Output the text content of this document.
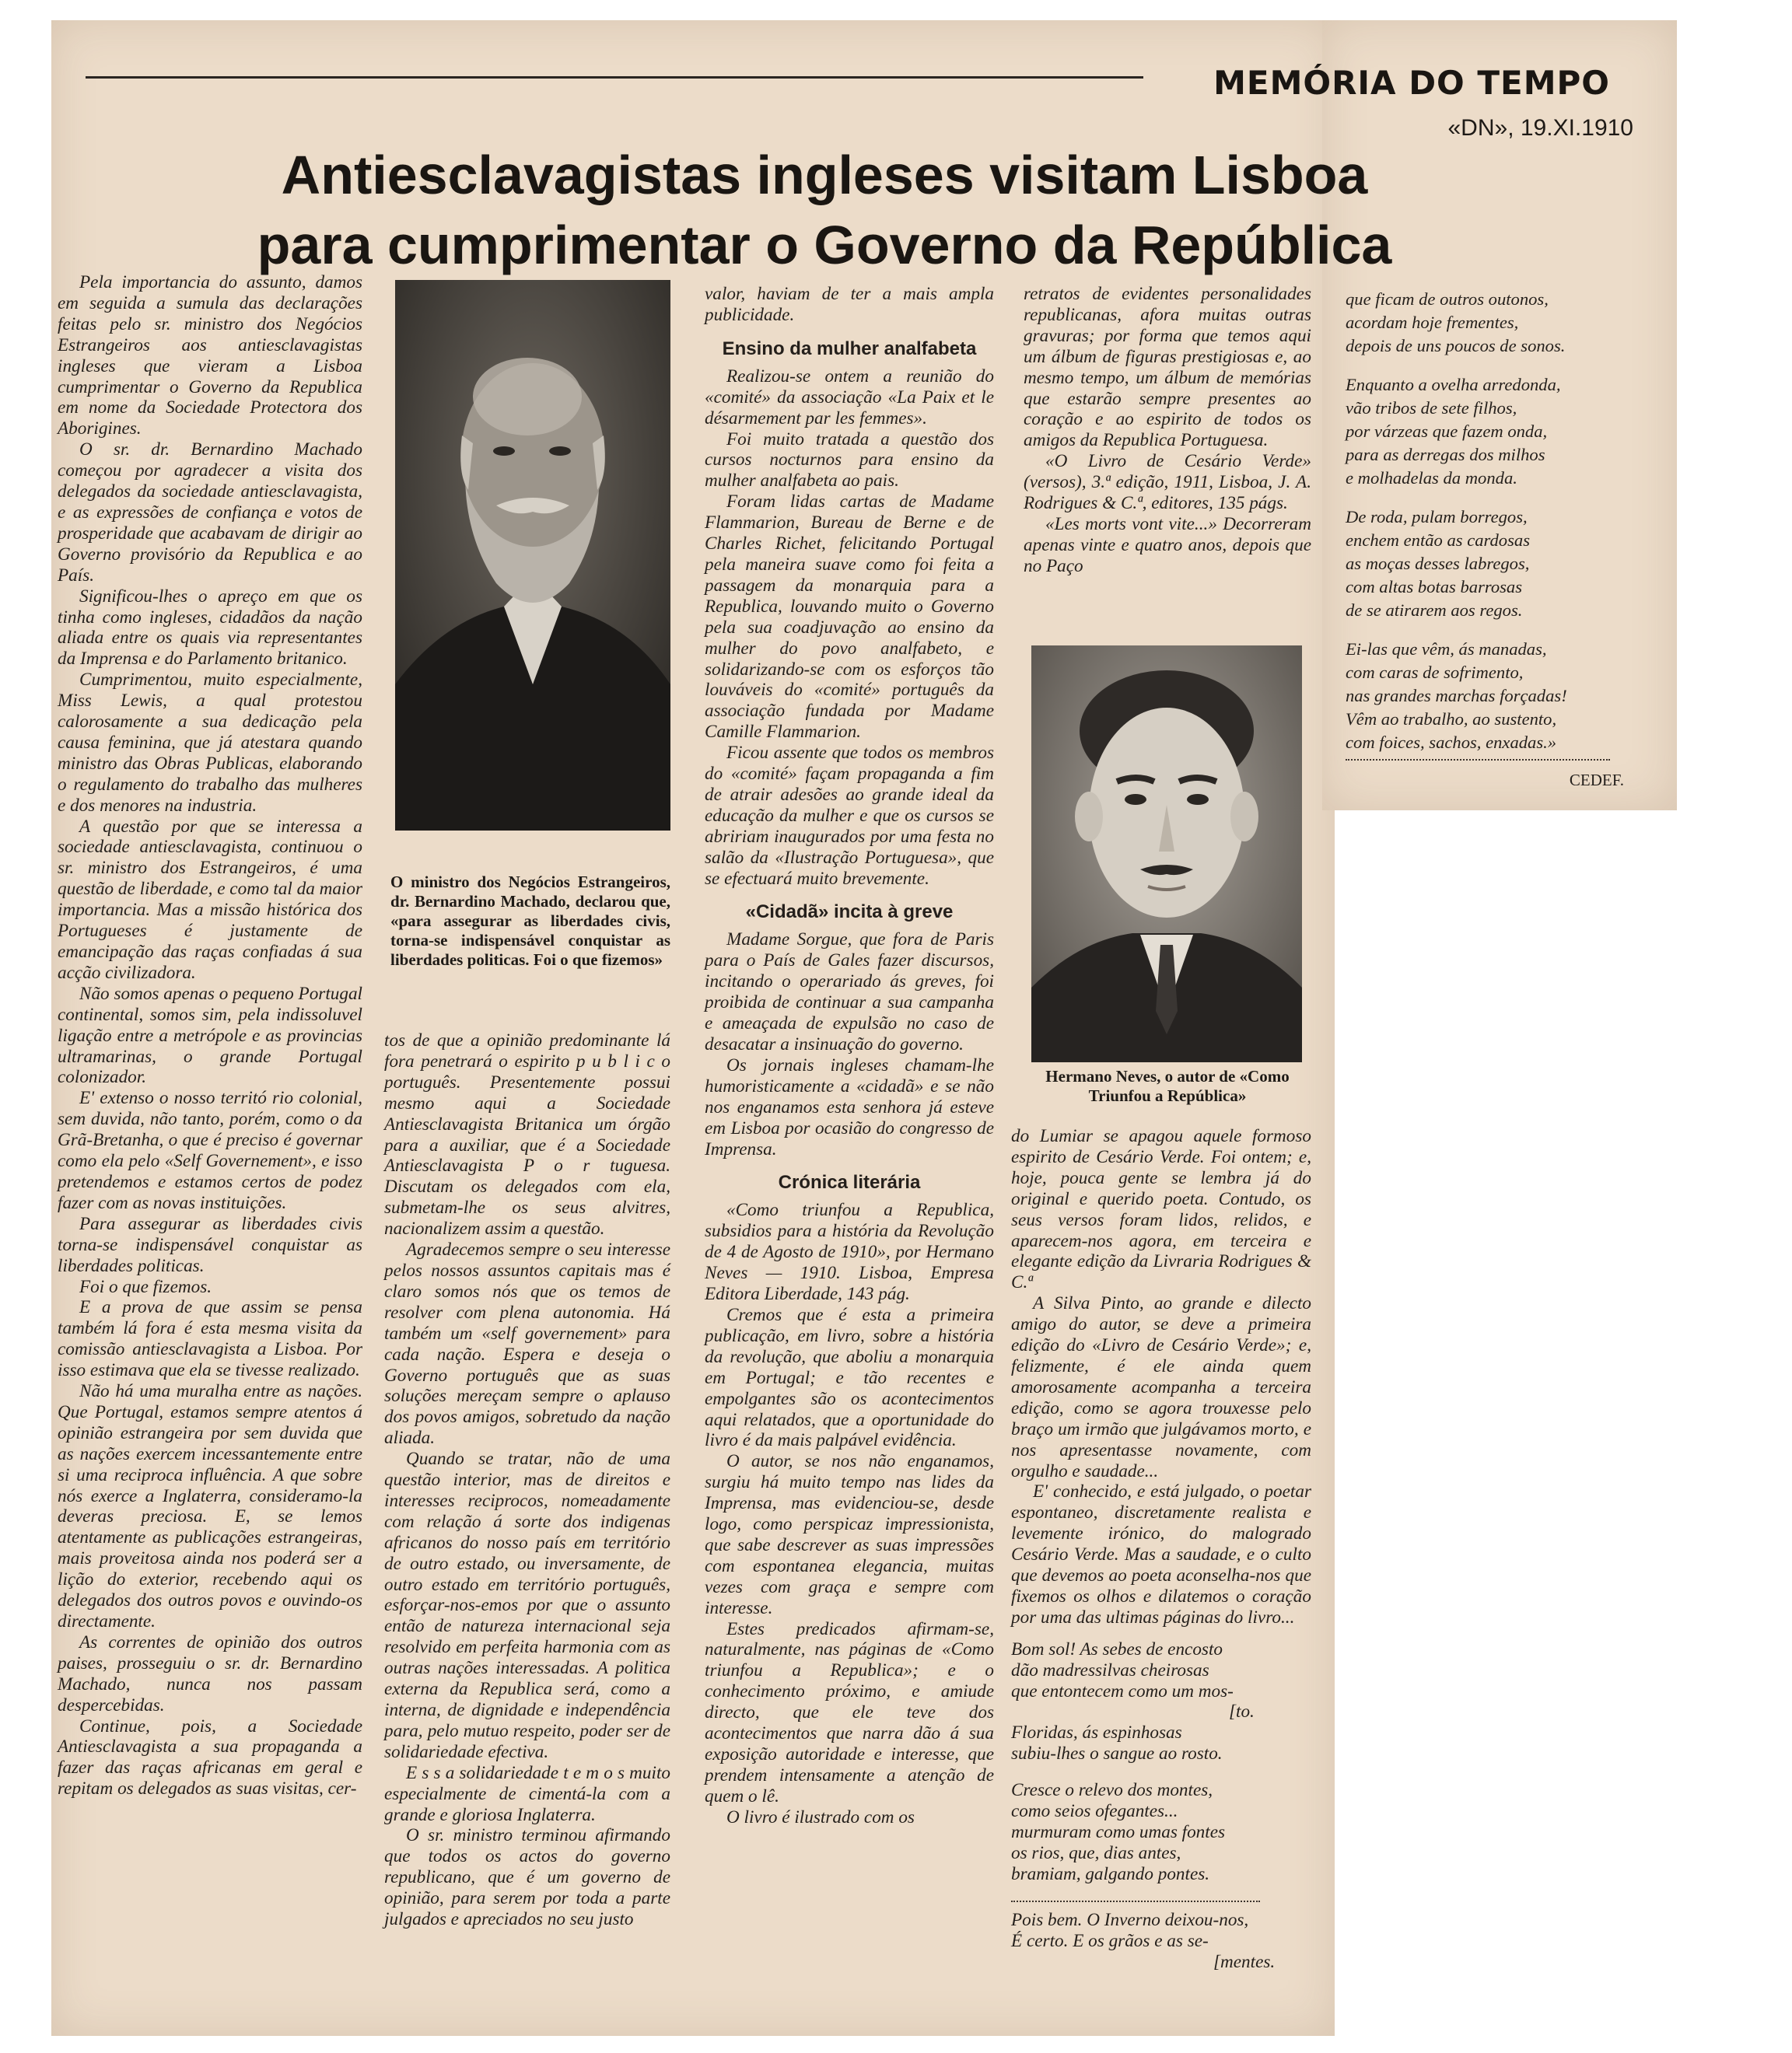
MEMÓRIA DO TEMPO
«DN», 19.XI.1910
Antiesclavagistas ingleses visitam Lisboa
para cumprimentar o Governo da República

Pela importancia do assunto, damos em seguida a sumula das declarações feitas pelo sr. ministro dos Negócios Estrangeiros aos antiesclavagistas ingleses que vieram a Lisboa cumprimentar o Governo da Republica em nome da Sociedade Protectora dos Aborigines.

O sr. dr. Bernardino Machado começou por agradecer a visita dos delegados da sociedade antiesclavagista, e as expressões de confiança e votos de prosperidade que acabavam de dirigir ao Governo provisório da Republica e ao País.

Significou-lhes o apreço em que os tinha como ingleses, cidadãos da nação aliada entre os quais via representantes da Imprensa e do Parlamento britanico.

Cumprimentou, muito especialmente, Miss Lewis, a qual protestou calorosamente a sua dedicação pela causa feminina, que já atestara quando ministro das Obras Publicas, elaborando o regulamento do trabalho das mulheres e dos menores na industria.

A questão por que se interessa a sociedade antiesclavagista, continuou o sr. ministro dos Estrangeiros, é uma questão de liberdade, e como tal da maior importancia. Mas a missão histórica dos Portugueses é justamente de emancipação das raças confiadas á sua acção civilizadora.

Não somos apenas o pequeno Portugal continental, somos sim, pela indissoluvel ligação entre a metrópole e as provincias ultramarinas, o grande Portugal colonizador.

E' extenso o nosso territó rio colonial, sem duvida, não tanto, porém, como o da Grã-Bretanha, o que é preciso é governar como ela pelo «Self Governement», e isso pretendemos e estamos certos de podez fazer com as novas instituições.

Para assegurar as liberdades civis torna-se indispensável conquistar as liberdades politicas.

Foi o que fizemos.

E a prova de que assim se pensa também lá fora é esta mesma visita da comissão antiesclavagista a Lisboa. Por isso estimava que ela se tivesse realizado.

Não há uma muralha entre as nações. Que Portugal, estamos sempre atentos á opinião estrangeira por sem duvida que as nações exercem incessantemente entre si uma reciproca influência. A que sobre nós exerce a Inglaterra, consideramo-la deveras preciosa. E, se lemos atentamente as publicações estrangeiras, mais proveitosa ainda nos poderá ser a lição do exterior, recebendo aqui os delegados dos outros povos e ouvindo-os directamente.

As correntes de opinião dos outros paises, prosseguiu o sr. dr. Bernardino Machado, nunca nos passam despercebidas.

Continue, pois, a Sociedade Antiesclavagista a sua propaganda a fazer das raças africanas em geral e repitam os delegados as suas visitas, cer-

O ministro dos Negócios Estrangeiros, dr. Bernardino Machado, declarou que, «para assegurar as liberdades civis, torna-se indispensável conquistar as liberdades politicas. Foi o que fizemos»

tos de que a opinião predominante lá fora penetrará o espirito p u b l i c o português. Presentemente possui mesmo aqui a Sociedade Antiesclavagista Britanica um órgão para a auxiliar, que é a Sociedade Antiesclavagista P o r tuguesa. Discutam os delegados com ela, submetam-lhe os seus alvitres, nacionalizem assim a questão.

Agradecemos sempre o seu interesse pelos nossos assuntos capitais mas é claro somos nós que os temos de resolver com plena autonomia. Há também um «self governement» para cada nação. Espera e deseja o Governo português que as suas soluções mereçam sempre o aplauso dos povos amigos, sobretudo da nação aliada.

Quando se tratar, não de uma questão interior, mas de direitos e interesses reciprocos, nomeadamente com relação á sorte dos indigenas africanos do nosso país em território de outro estado, ou inversamente, de outro estado em território português, esforçar-nos-emos por que o assunto então de natureza internacional seja resolvido em perfeita harmonia com as outras nações interessadas. A politica externa da Republica será, como a interna, de dignidade e independência para, pelo mutuo respeito, poder ser de solidariedade efectiva.

E s s a solidariedade t e m o s muito especialmente de cimentá-la com a grande e gloriosa Inglaterra.

O sr. ministro terminou afirmando que todos os actos do governo republicano, que é um governo de opinião, para serem por toda a parte julgados e apreciados no seu justo

valor, haviam de ter a mais ampla publicidade.

Ensino da mulher analfabeta

Realizou-se ontem a reunião do «comité» da associação «La Paix et le désarmement par les femmes».

Foi muito tratada a questão dos cursos nocturnos para ensino da mulher analfabeta ao pais.

Foram lidas cartas de Madame Flammarion, Bureau de Berne e de Charles Richet, felicitando Portugal pela maneira suave como foi feita a passagem da monarquia para a Republica, louvando muito o Governo pela sua coadjuvação ao ensino da mulher do povo analfabeto, e solidarizando-se com os esforços tão louváveis do «comité» português da associação fundada por Madame Camille Flammarion.

Ficou assente que todos os membros do «comité» façam propaganda a fim de atrair adesões ao grande ideal da educação da mulher e que os cursos se abririam inaugurados por uma festa no salão da «Ilustração Portuguesa», que se efectuará muito brevemente.

«Cidadã» incita à greve

Madame Sorgue, que fora de Paris para o País de Gales fazer discursos, incitando o operariado ás greves, foi proibida de continuar a sua campanha e ameaçada de expulsão no caso de desacatar a insinuação do governo.

Os jornais ingleses chamam-lhe humoristicamente a «cidadã» e se não nos enganamos esta senhora já esteve em Lisboa por ocasião do congresso de Imprensa.

Crónica literária

«Como triunfou a Republica, subsidios para a história da Revolução de 4 de Agosto de 1910», por Hermano Neves — 1910. Lisboa, Empresa Editora Liberdade, 143 pág.

Cremos que é esta a primeira publicação, em livro, sobre a história da revolução, que aboliu a monarquia em Portugal; e tão recentes e empolgantes são os acontecimentos aqui relatados, que a oportunidade do livro é da mais palpável evidência.

O autor, se nos não enganamos, surgiu há muito tempo nas lides da Imprensa, mas evidenciou-se, desde logo, como perspicaz impressionista, que sabe descrever as suas impressões com espontanea elegancia, muitas vezes com graça e sempre com interesse.

Estes predicados afirmam-se, naturalmente, nas páginas de «Como triunfou a Republica»; e o conhecimento próximo, e amiude directo, que ele teve dos acontecimentos que narra dão á sua exposição autoridade e interesse, que prendem intensamente a atenção de quem o lê.

O livro é ilustrado com os

retratos de evidentes personalidades republicanas, afora muitas outras gravuras; por forma que temos aqui um álbum de figuras prestigiosas e, ao mesmo tempo, um álbum de memórias que estarão sempre presentes ao coração e ao espirito de todos os amigos da Republica Portuguesa.

«O Livro de Cesário Verde» (versos), 3.ª edição, 1911, Lisboa, J. A. Rodrigues & C.ª, editores, 135 págs.

«Les morts vont vite...» Decorreram apenas vinte e quatro anos, depois que no Paço

Hermano Neves, o autor de «Como Triunfou a República»

do Lumiar se apagou aquele formoso espirito de Cesário Verde. Foi ontem; e, hoje, pouca gente se lembra já do original e querido poeta. Contudo, os seus versos foram lidos, relidos, e aparecem-nos agora, em terceira e elegante edição da Livraria Rodrigues & C.ª

A Silva Pinto, ao grande e dilecto amigo do autor, se deve a primeira edição do «Livro de Cesário Verde»; e, felizmente, é ele ainda quem amorosamente acompanha a terceira edição, como se agora trouxesse pelo braço um irmão que julgávamos morto, e nos apresentasse novamente, com orgulho e saudade...

E' conhecido, e está julgado, o poetar espontaneo, discretamente realista e levemente irónico, do malogrado Cesário Verde. Mas a saudade, e o culto que devemos ao poeta aconselha-nos que fixemos os olhos e dilatemos o coração por uma das ultimas páginas do livro...

Bom sol! As sebes de encosto
dão madressilvas cheirosas
que entontecem como um mos-
[to.
Floridas, ás espinhosas
subiu-lhes o sangue ao rosto.
Cresce o relevo dos montes,
como seios ofegantes...
murmuram como umas fontes
os rios, que, dias antes,
bramiam, galgando pontes.
Pois bem. O Inverno deixou-nos,
É certo. E os grãos e as se-
[mentes.
que ficam de outros outonos,
acordam hoje frementes,
depois de uns poucos de sonos.
Enquanto a ovelha arredonda,
vão tribos de sete filhos,
por várzeas que fazem onda,
para as derregas dos milhos
e molhadelas da monda.
De roda, pulam borregos,
enchem então as cardosas
as moças desses labregos,
com altas botas barrosas
de se atirarem aos regos.
Ei-las que vêm, ás manadas,
com caras de sofrimento,
nas grandes marchas forçadas!
Vêm ao trabalho, ao sustento,
com foices, sachos, enxadas.»
CEDEF.
